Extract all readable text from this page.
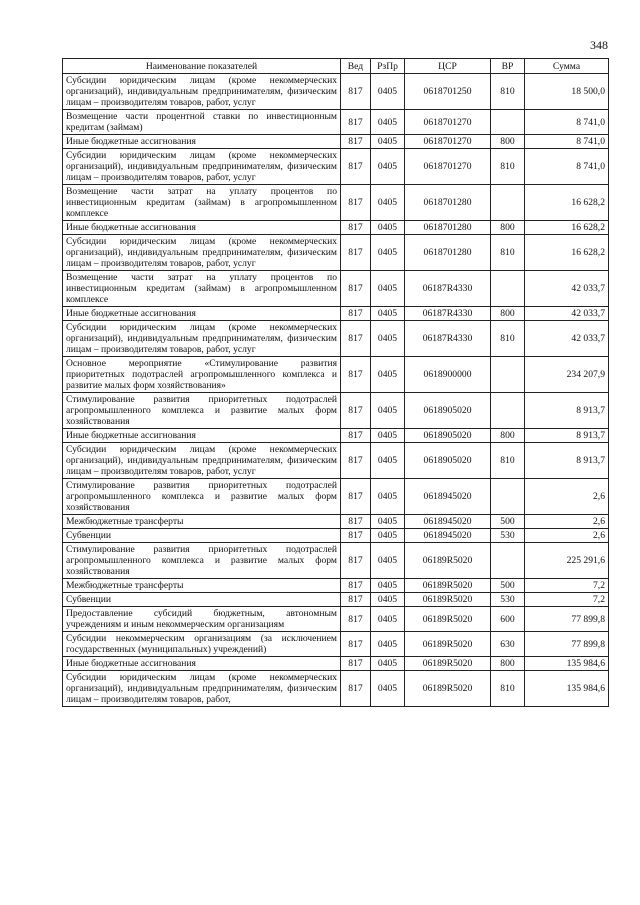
348
Наименование показателей	Вед	РзПр	ЦСР	ВР	Сумма
Субсидии юридическим лицам (кроме некоммерческих организаций), индивидуальным предпринимателям, физическим лицам – производителям товаров, работ, услуг	817	0405	0618701250	810	18 500,0
Возмещение части процентной ставки по инвестиционным кредитам (займам)	817	0405	0618701270		8 741,0
Иные бюджетные ассигнования	817	0405	0618701270	800	8 741,0
Субсидии юридическим лицам (кроме некоммерческих организаций), индивидуальным предпринимателям, физическим лицам – производителям товаров, работ, услуг	817	0405	0618701270	810	8 741,0
Возмещение части затрат на уплату процентов по инвестиционным кредитам (займам) в агропромышленном комплексе	817	0405	0618701280		16 628,2
Иные бюджетные ассигнования	817	0405	0618701280	800	16 628,2
Субсидии юридическим лицам (кроме некоммерческих организаций), индивидуальным предпринимателям, физическим лицам – производителям товаров, работ, услуг	817	0405	0618701280	810	16 628,2
Возмещение части затрат на уплату процентов по инвестиционным кредитам (займам) в агропромышленном комплексе	817	0405	06187R4330		42 033,7
Иные бюджетные ассигнования	817	0405	06187R4330	800	42 033,7
Субсидии юридическим лицам (кроме некоммерческих организаций), индивидуальным предпринимателям, физическим лицам – производителям товаров, работ, услуг	817	0405	06187R4330	810	42 033,7
Основное мероприятие «Стимулирование развития приоритетных подотраслей агропромышленного комплекса и развитие малых форм хозяйствования»	817	0405	0618900000		234 207,9
Стимулирование развития приоритетных подотраслей агропромышленного комплекса и развитие малых форм хозяйствования	817	0405	0618905020		8 913,7
Иные бюджетные ассигнования	817	0405	0618905020	800	8 913,7
Субсидии юридическим лицам (кроме некоммерческих организаций), индивидуальным предпринимателям, физическим лицам – производителям товаров, работ, услуг	817	0405	0618905020	810	8 913,7
Стимулирование развития приоритетных подотраслей агропромышленного комплекса и развитие малых форм хозяйствования	817	0405	0618945020		2,6
Межбюджетные трансферты	817	0405	0618945020	500	2,6
Субвенции	817	0405	0618945020	530	2,6
Стимулирование развития приоритетных подотраслей агропромышленного комплекса и развитие малых форм хозяйствования	817	0405	06189R5020		225 291,6
Межбюджетные трансферты	817	0405	06189R5020	500	7,2
Субвенции	817	0405	06189R5020	530	7,2
Предоставление субсидий бюджетным, автономным учреждениям и иным некоммерческим организациям	817	0405	06189R5020	600	77 899,8
Субсидии некоммерческим организациям (за исключением государственных (муниципальных) учреждений)	817	0405	06189R5020	630	77 899,8
Иные бюджетные ассигнования	817	0405	06189R5020	800	135 984,6
Субсидии юридическим лицам (кроме некоммерческих организаций), индивидуальным предпринимателям, физическим лицам – производителям товаров, работ,	817	0405	06189R5020	810	135 984,6
